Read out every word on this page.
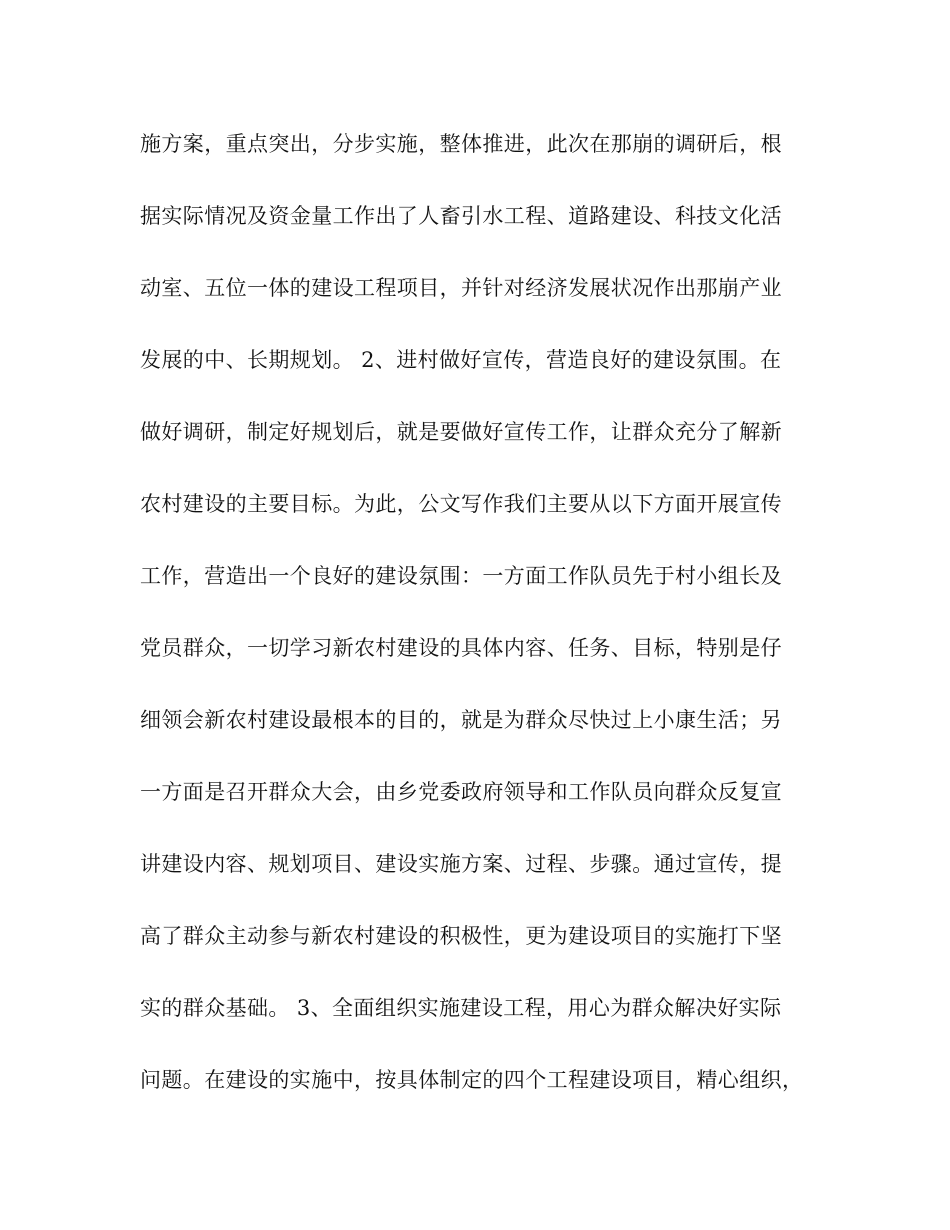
施方案，重点突出，分步实施，整体推进，此次在那崩的调研后，根
据实际情况及资金量工作出了人畜引水工程、道路建设、科技文化活
动室、五位一体的建设工程项目，并针对经济发展状况作出那崩产业
发展的中、长期规划。 2、进村做好宣传，营造良好的建设氛围。在
做好调研，制定好规划后，就是要做好宣传工作，让群众充分了解新
农村建设的主要目标。为此，公文写作我们主要从以下方面开展宣传
工作，营造出一个良好的建设氛围：一方面工作队员先于村小组长及
党员群众，一切学习新农村建设的具体内容、任务、目标，特别是仔
细领会新农村建设最根本的目的，就是为群众尽快过上小康生活；另
一方面是召开群众大会，由乡党委政府领导和工作队员向群众反复宣
讲建设内容、规划项目、建设实施方案、过程、步骤。通过宣传，提
高了群众主动参与新农村建设的积极性，更为建设项目的实施打下坚
实的群众基础。 3、全面组织实施建设工程，用心为群众解决好实际
问题。在建设的实施中，按具体制定的四个工程建设项目，精心组织，
